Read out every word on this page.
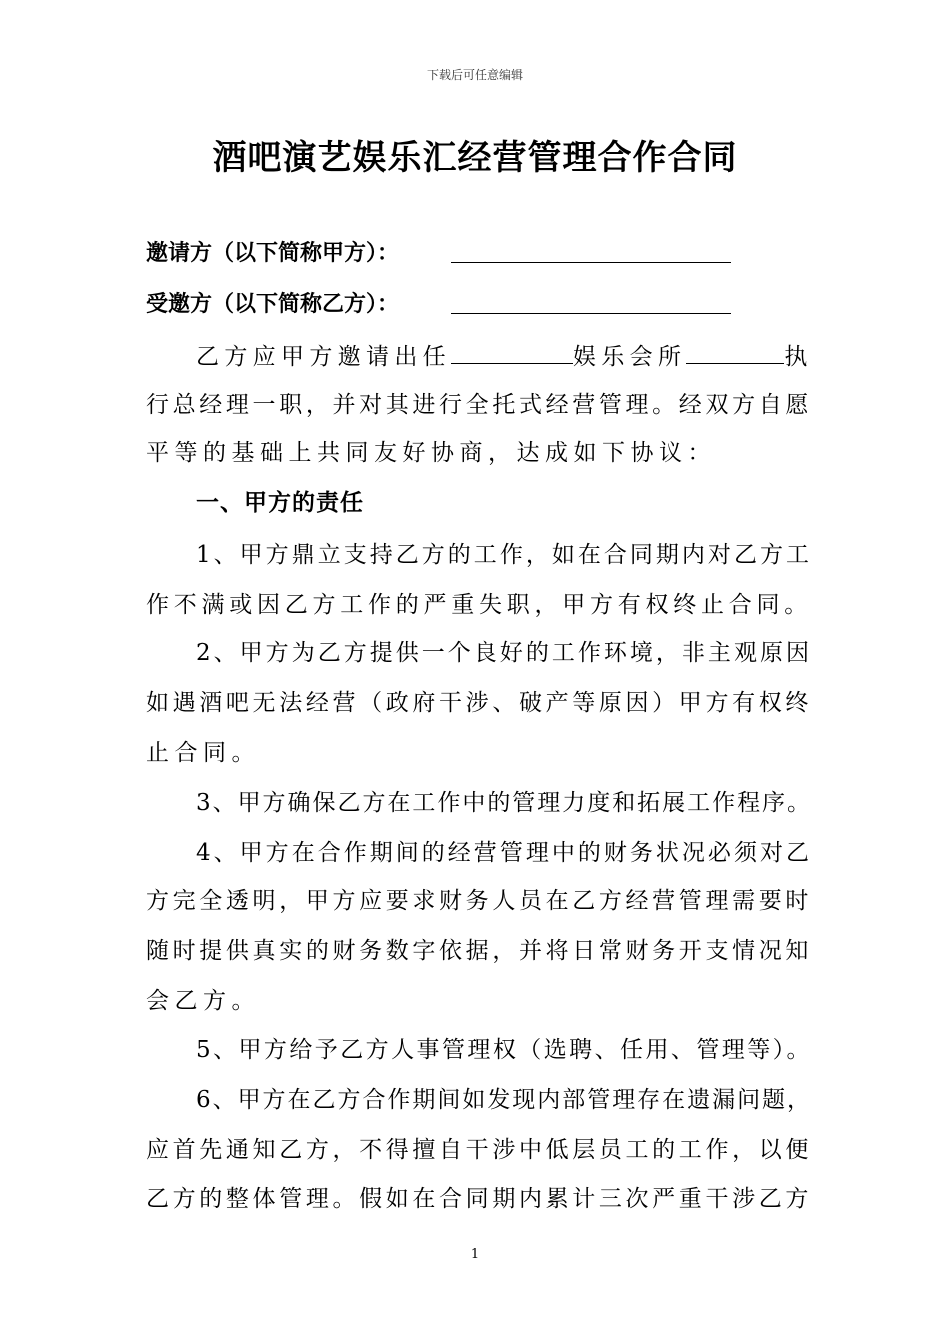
下载后可任意编辑
酒吧演艺娱乐汇经营管理合作合同
邀请方（以下简称甲方）：
受邀方（以下简称乙方）：
乙方应甲方邀请出任	娱乐会所	执
行总经理一职，并对其进行全托式经营管理。经双方自愿
平等的基础上共同友好协商，达成如下协议：
一、甲方的责任
1、甲方鼎立支持乙方的工作，如在合同期内对乙方工
作不满或因乙方工作的严重失职，甲方有权终止合同。
2、甲方为乙方提供一个良好的工作环境，非主观原因
如遇酒吧无法经营（政府干涉、破产等原因）甲方有权终
止合同。
3、甲方确保乙方在工作中的管理力度和拓展工作程序。
4、甲方在合作期间的经营管理中的财务状况必须对乙
方完全透明，甲方应要求财务人员在乙方经营管理需要时
随时提供真实的财务数字依据，并将日常财务开支情况知
会乙方。
5、甲方给予乙方人事管理权（选聘、任用、管理等）。
6、甲方在乙方合作期间如发现内部管理存在遗漏问题，
应首先通知乙方，不得擅自干涉中低层员工的工作，以便
乙方的整体管理。假如在合同期内累计三次严重干涉乙方
1
